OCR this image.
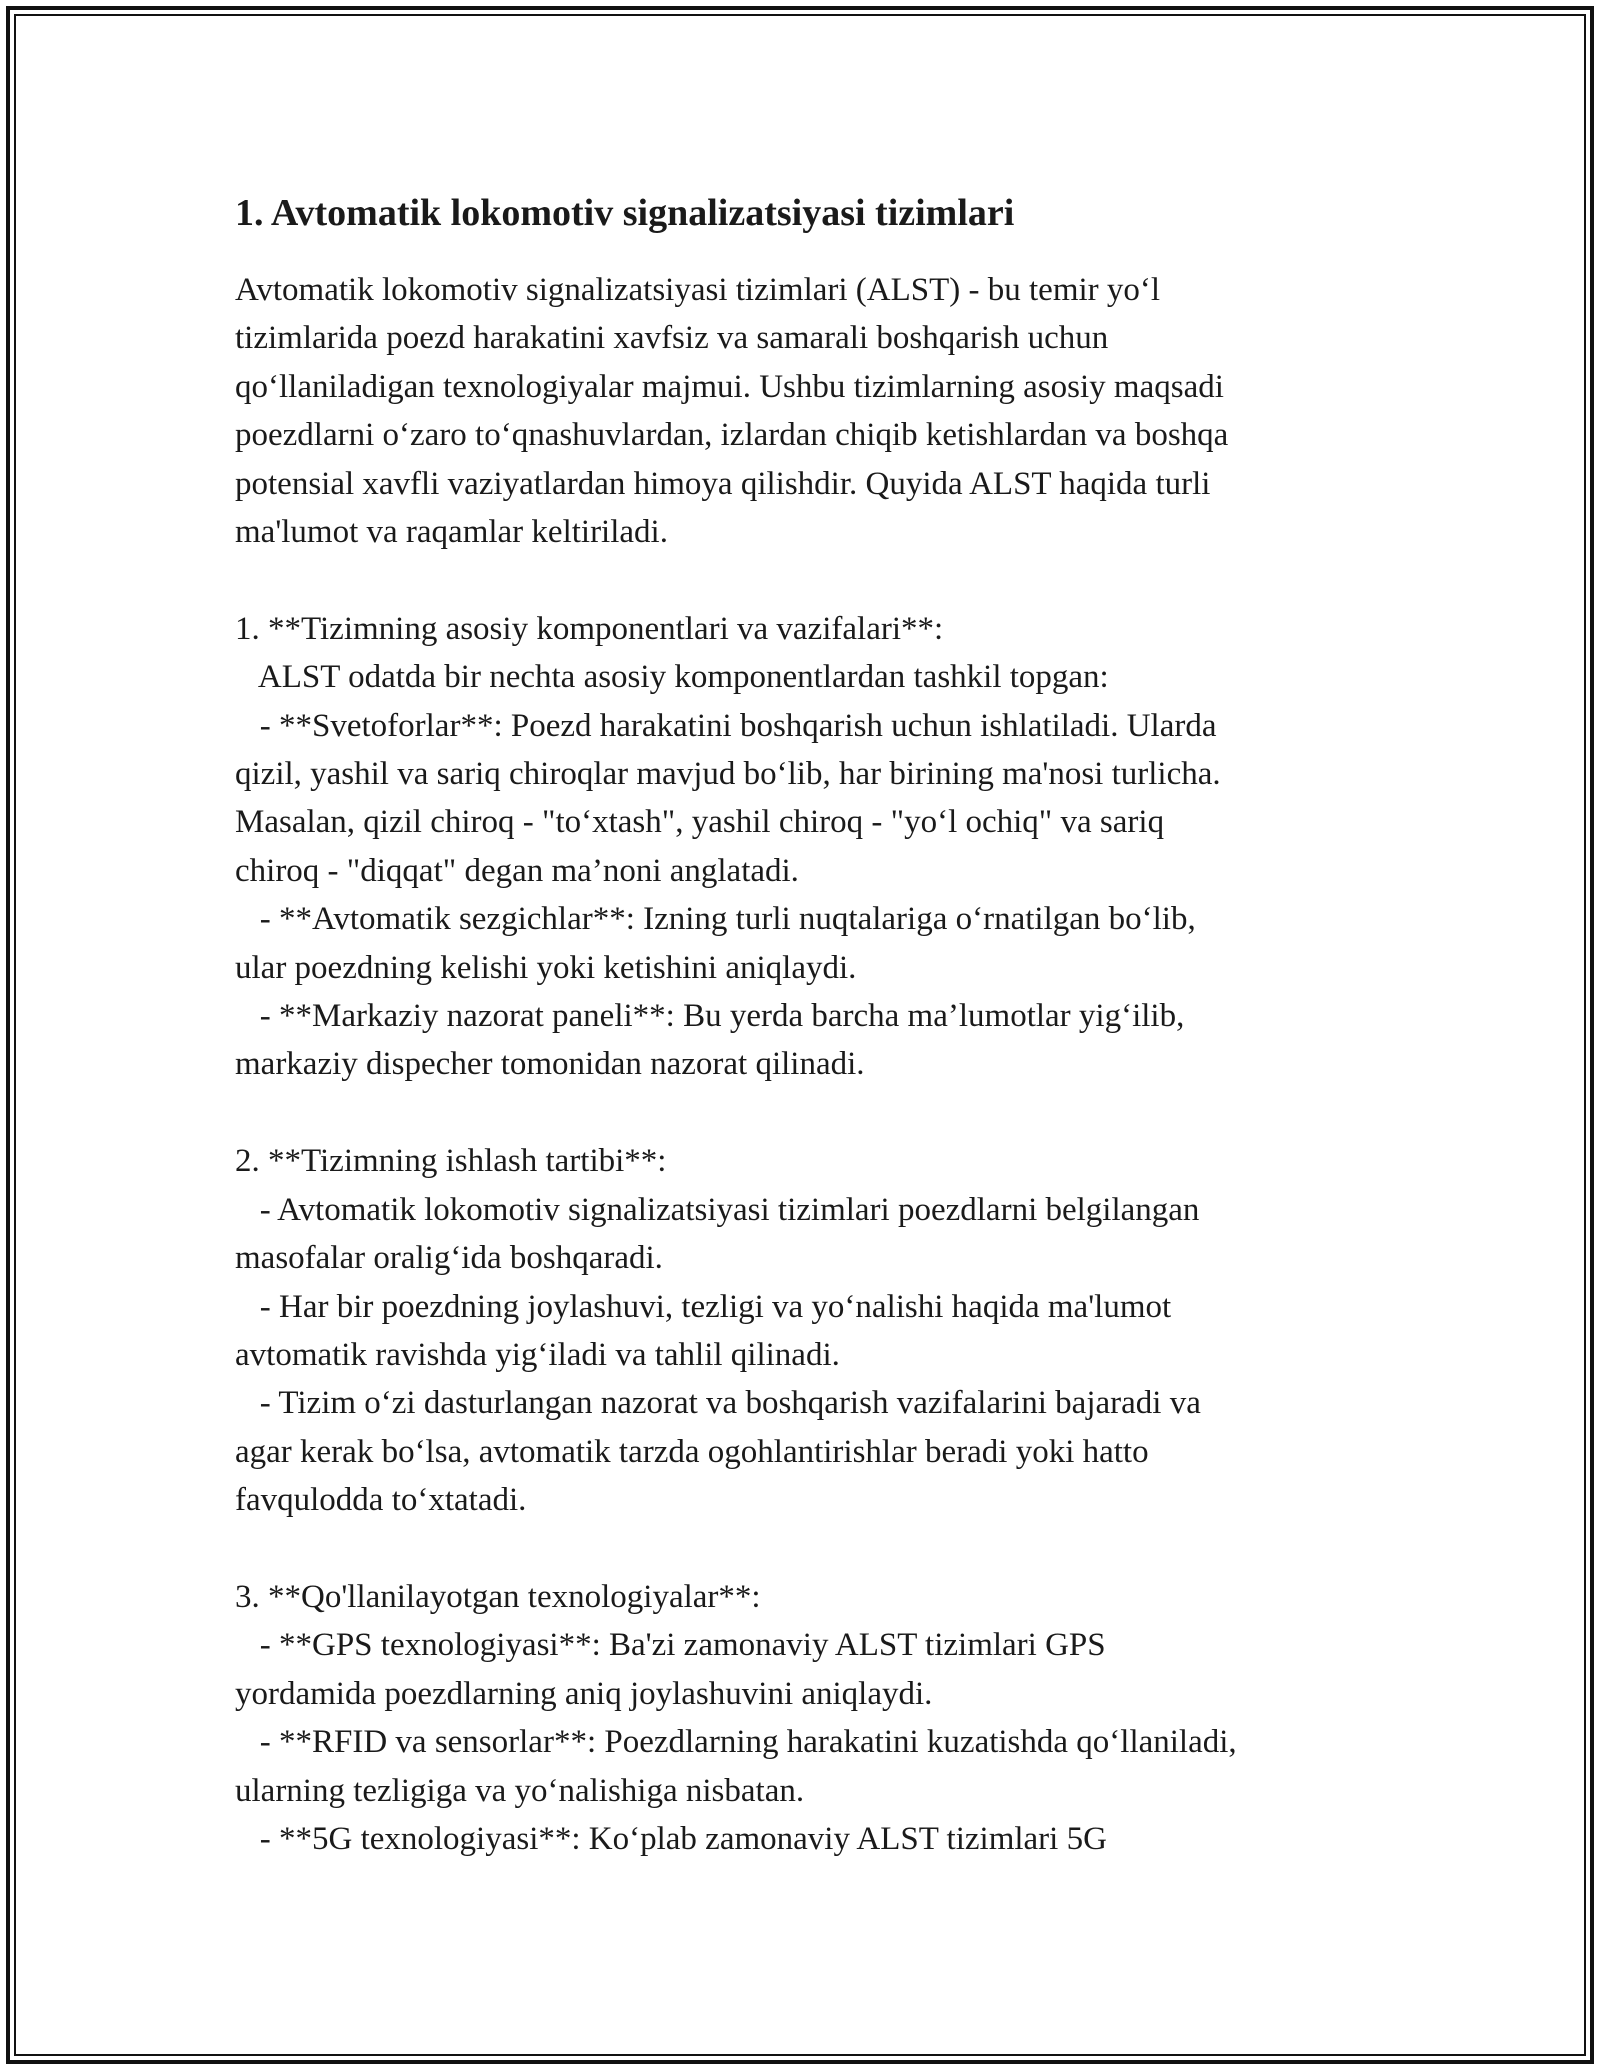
1. Avtomatik lokomotiv signalizatsiyasi tizimlari
Avtomatik lokomotiv signalizatsiyasi tizimlari (ALST) - bu temir yo‘l
tizimlarida poezd harakatini xavfsiz va samarali boshqarish uchun
qo‘llaniladigan texnologiyalar majmui. Ushbu tizimlarning asosiy maqsadi
poezdlarni o‘zaro to‘qnashuvlardan, izlardan chiqib ketishlardan va boshqa
potensial xavfli vaziyatlardan himoya qilishdir. Quyida ALST haqida turli
ma'lumot va raqamlar keltiriladi.
1. **Tizimning asosiy komponentlari va vazifalari**:
ALST odatda bir nechta asosiy komponentlardan tashkil topgan:
- **Svetoforlar**: Poezd harakatini boshqarish uchun ishlatiladi. Ularda
qizil, yashil va sariq chiroqlar mavjud bo‘lib, har birining ma'nosi turlicha.
Masalan, qizil chiroq - "to‘xtash", yashil chiroq - "yo‘l ochiq" va sariq
chiroq - "diqqat" degan ma’noni anglatadi.
- **Avtomatik sezgichlar**: Izning turli nuqtalariga o‘rnatilgan bo‘lib,
ular poezdning kelishi yoki ketishini aniqlaydi.
- **Markaziy nazorat paneli**: Bu yerda barcha ma’lumotlar yig‘ilib,
markaziy dispecher tomonidan nazorat qilinadi.
2. **Tizimning ishlash tartibi**:
- Avtomatik lokomotiv signalizatsiyasi tizimlari poezdlarni belgilangan
masofalar oralig‘ida boshqaradi.
- Har bir poezdning joylashuvi, tezligi va yo‘nalishi haqida ma'lumot
avtomatik ravishda yig‘iladi va tahlil qilinadi.
- Tizim o‘zi dasturlangan nazorat va boshqarish vazifalarini bajaradi va
agar kerak bo‘lsa, avtomatik tarzda ogohlantirishlar beradi yoki hatto
favqulodda to‘xtatadi.
3. **Qo'llanilayotgan texnologiyalar**:
- **GPS texnologiyasi**: Ba'zi zamonaviy ALST tizimlari GPS
yordamida poezdlarning aniq joylashuvini aniqlaydi.
- **RFID va sensorlar**: Poezdlarning harakatini kuzatishda qo‘llaniladi,
ularning tezligiga va yo‘nalishiga nisbatan.
- **5G texnologiyasi**: Ko‘plab zamonaviy ALST tizimlari 5G
